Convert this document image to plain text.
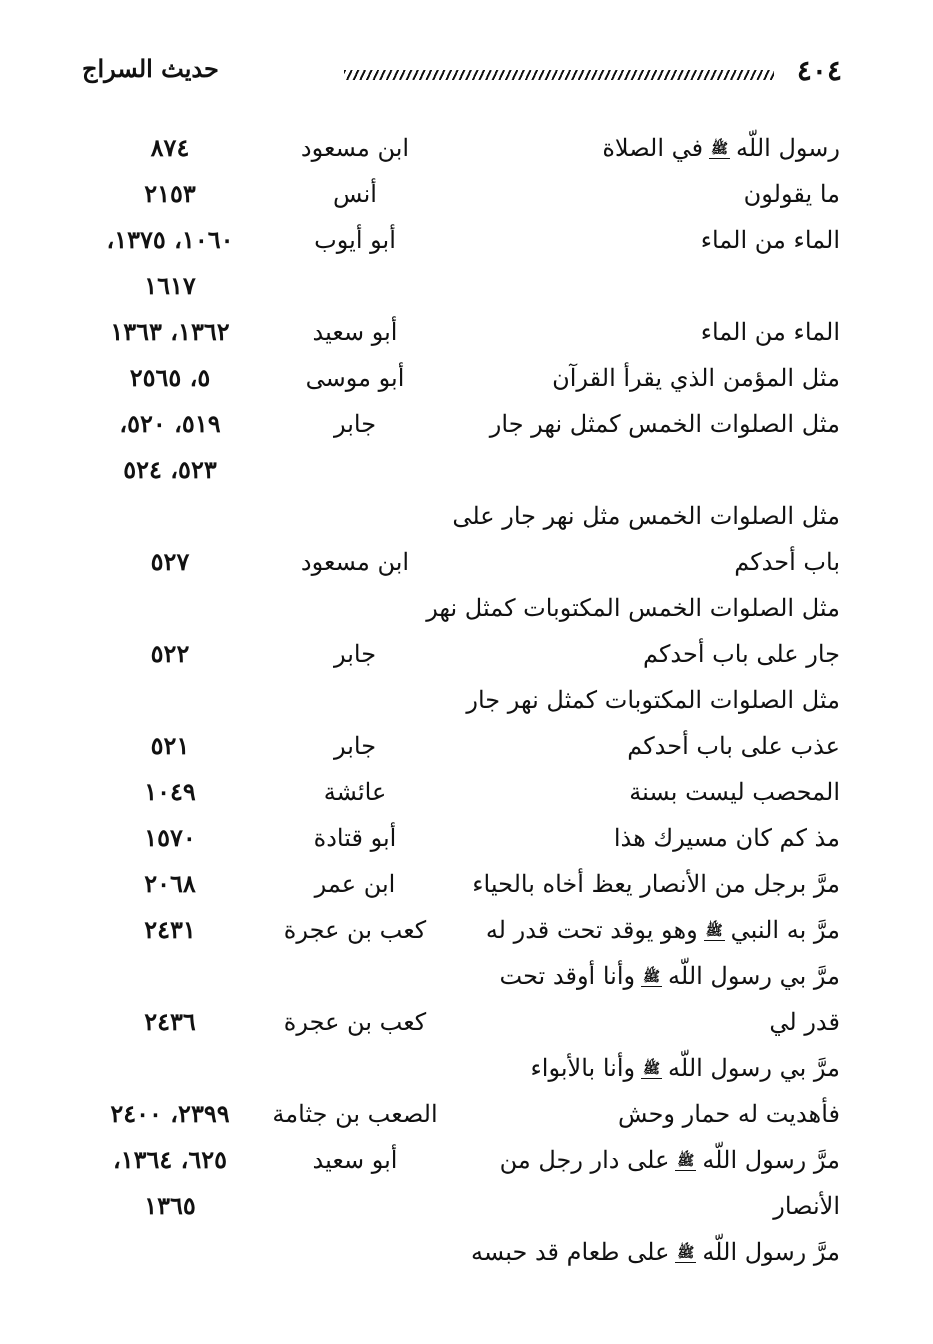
٤٠٤
حديث السراج
رسول اللّهﷺفي الصلاة
ابن مسعود
٨٧٤
ما يقولون
أنس
٢١٥٣
الماء من الماء
أبو أيوب
١٠٦٠، ١٣٧٥،
١٦١٧
الماء من الماء
أبو سعيد
١٣٦٢، ١٣٦٣
مثل المؤمن الذي يقرأ القرآن
أبو موسى
٥، ٢٥٦٥
مثل الصلوات الخمس كمثل نهر جار
جابر
٥١٩، ٥٢٠،
٥٢٣، ٥٢٤
مثل الصلوات الخمس مثل نهر جار على
باب أحدكم
ابن مسعود
٥٢٧
مثل الصلوات الخمس المكتوبات كمثل نهر
جار على باب أحدكم
جابر
٥٢٢
مثل الصلوات المكتوبات كمثل نهر جار
عذب على باب أحدكم
جابر
٥٢١
المحصب ليست بسنة
عائشة
١٠٤٩
مذ كم كان مسيرك هذا
أبو قتادة
١٥٧٠
مرَّ برجل من الأنصار يعظ أخاه بالحياء
ابن عمر
٢٠٦٨
مرَّ به النبيﷺوهو يوقد تحت قدر له
كعب بن عجرة
٢٤٣١
مرَّ بي رسول اللّهﷺوأنا أوقد تحت
قدر لي
كعب بن عجرة
٢٤٣٦
مرَّ بي رسول اللّهﷺوأنا بالأبواء
فأهديت له حمار وحش
الصعب بن جثامة
٢٣٩٩، ٢٤٠٠
مرَّ رسول اللّهﷺعلى دار رجل من
أبو سعيد
٦٢٥، ١٣٦٤،
الأنصار
١٣٦٥
مرَّ رسول اللّهﷺعلى طعام قد حبسه
